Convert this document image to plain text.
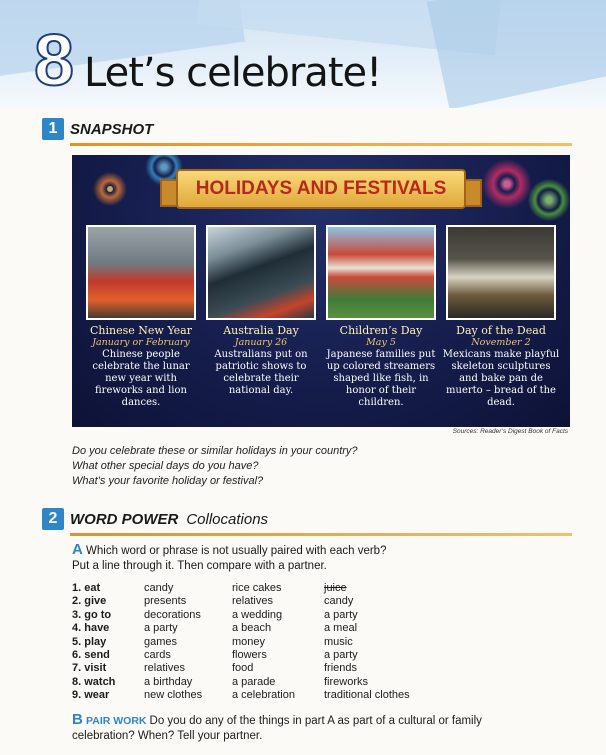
8 Let’s celebrate!
1 SNAPSHOT
HOLIDAYS AND FESTIVALS
Chinese New Year
January or February
Chinese people celebrate the lunar new year with fireworks and lion dances.
Australia Day
January 26
Australians put on patriotic shows to celebrate their national day.
Children’s Day
May 5
Japanese families put up colored streamers shaped like fish, in honor of their children.
Day of the Dead
November 2
Mexicans make playful skeleton sculptures and bake pan de muerto – bread of the dead.
Sources: Reader’s Digest Book of Facts
Do you celebrate these or similar holidays in your country?
What other special days do you have?
What’s your favorite holiday or festival?
2 WORD POWER Collocations
A Which word or phrase is not usually paired with each verb?
Put a line through it. Then compare with a partner.
1. eat
2. give
3. go to
4. have
5. play
6. send
7. visit
8. watch
9. wear
candy
presents
decorations
a party
games
cards
relatives
a birthday
new clothes
rice cakes
relatives
a wedding
a beach
money
flowers
food
a parade
a celebration
juice
candy
a party
a meal
music
a party
friends
fireworks
traditional clothes
B PAIR WORK Do you do any of the things in part A as part of a cultural or family celebration? When? Tell your partner.
